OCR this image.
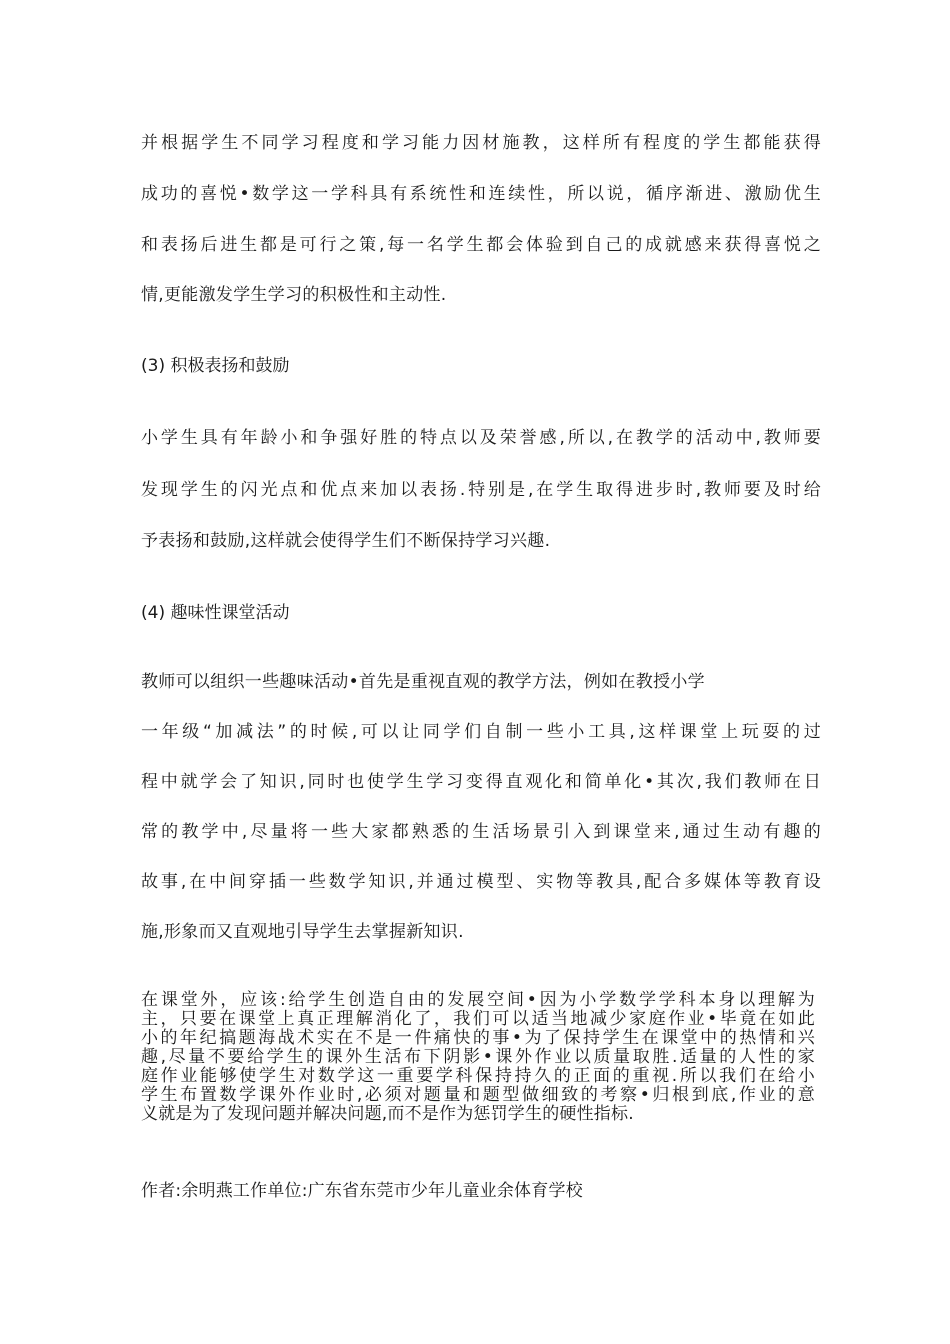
并根据学生不同学习程度和学习能力因材施教，这样所有程度的学生都能获得
成功的喜悦•数学这一学科具有系统性和连续性，所以说，循序渐进、激励优生
和表扬后进生都是可行之策,每一名学生都会体验到自己的成就感来获得喜悦之
情,更能激发学生学习的积极性和主动性.
(3) 积极表扬和鼓励
小学生具有年龄小和争强好胜的特点以及荣誉感,所以,在教学的活动中,教师要
发现学生的闪光点和优点来加以表扬.特别是,在学生取得进步时,教师要及时给
予表扬和鼓励,这样就会使得学生们不断保持学习兴趣.
(4) 趣味性课堂活动
教师可以组织一些趣味活动•首先是重视直观的教学方法，例如在教授小学
一年级“加减法”的时候,可以让同学们自制一些小工具,这样课堂上玩耍的过
程中就学会了知识,同时也使学生学习变得直观化和简单化•其次,我们教师在日
常的教学中,尽量将一些大家都熟悉的生活场景引入到课堂来,通过生动有趣的
故事,在中间穿插一些数学知识,并通过模型、实物等教具,配合多媒体等教育设
施,形象而又直观地引导学生去掌握新知识.
在课堂外，应该:给学生创造自由的发展空间•因为小学数学学科本身以理解为
主，只要在课堂上真正理解消化了，我们可以适当地减少家庭作业•毕竟在如此
小的年纪搞题海战术实在不是一件痛快的事•为了保持学生在课堂中的热情和兴
趣,尽量不要给学生的课外生活布下阴影•课外作业以质量取胜.适量的人性的家
庭作业能够使学生对数学这一重要学科保持持久的正面的重视.所以我们在给小
学生布置数学课外作业时,必须对题量和题型做细致的考察•归根到底,作业的意
义就是为了发现问题并解决问题,而不是作为惩罚学生的硬性指标.
作者:余明燕工作单位:广东省东莞市少年儿童业余体育学校
